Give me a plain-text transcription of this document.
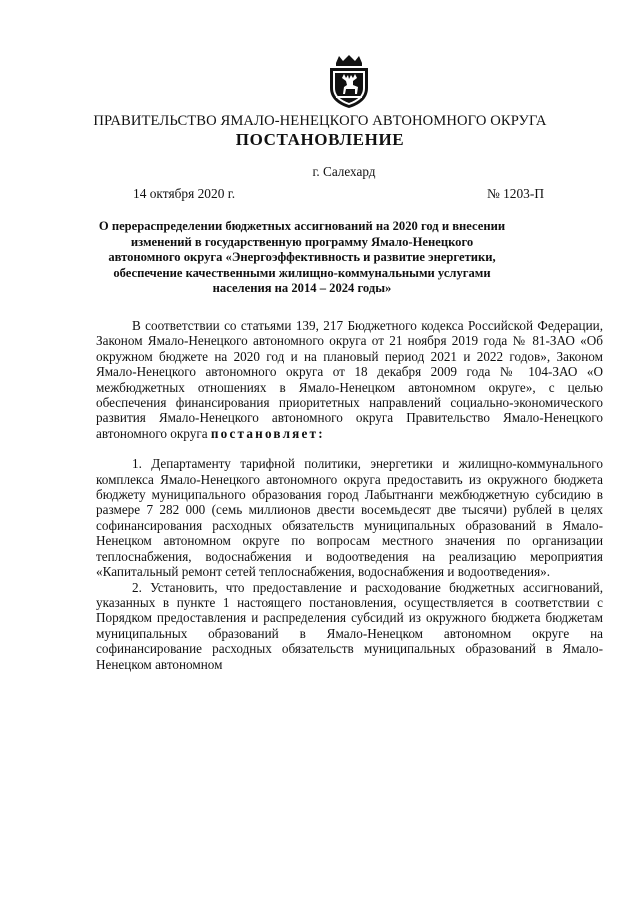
ПРАВИТЕЛЬСТВО ЯМАЛО-НЕНЕЦКОГО АВТОНОМНОГО ОКРУГА
ПОСТАНОВЛЕНИЕ
г. Салехард
14 октября 2020 г.	№ 1203-П
О перераспределении бюджетных ассигнований на 2020 год и внесении изменений в государственную программу Ямало-Ненецкого автономного округа «Энергоэффективность и развитие энергетики, обеспечение качественными жилищно-коммунальными услугами населения на 2014 – 2024 годы»

В соответствии со статьями 139, 217 Бюджетного кодекса Российской Федерации, Законом Ямало-Ненецкого автономного округа от 21 ноября 2019 года № 81-ЗАО «Об окружном бюджете на 2020 год и на плановый период 2021 и 2022 годов», Законом Ямало-Ненецкого автономного округа от 18 декабря 2009 года № 104-ЗАО «О межбюджетных отношениях в Ямало-Ненецком автономном округе», с целью обеспечения финансирования приоритетных направлений социально-экономического развития Ямало-Ненецкого автономного округа Правительство Ямало-Ненецкого автономного округа постановляет:

1. Департаменту тарифной политики, энергетики и жилищно-коммунального комплекса Ямало-Ненецкого автономного округа предоставить из окружного бюджета бюджету муниципального образования город Лабытнанги межбюджетную субсидию в размере 7 282 000 (семь миллионов двести восемьдесят две тысячи) рублей в целях софинансирования расходных обязательств муниципальных образований в Ямало-Ненецком автономном округе по вопросам местного значения по организации теплоснабжения, водоснабжения и водоотведения на реализацию мероприятия «Капитальный ремонт сетей теплоснабжения, водоснабжения и водоотведения».

2. Установить, что предоставление и расходование бюджетных ассигнований, указанных в пункте 1 настоящего постановления, осуществляется в соответствии с Порядком предоставления и распределения субсидий из окружного бюджета бюджетам муниципальных образований в Ямало-Ненецком автономном округе на софинансирование расходных обязательств муниципальных образований в Ямало-Ненецком автономном
